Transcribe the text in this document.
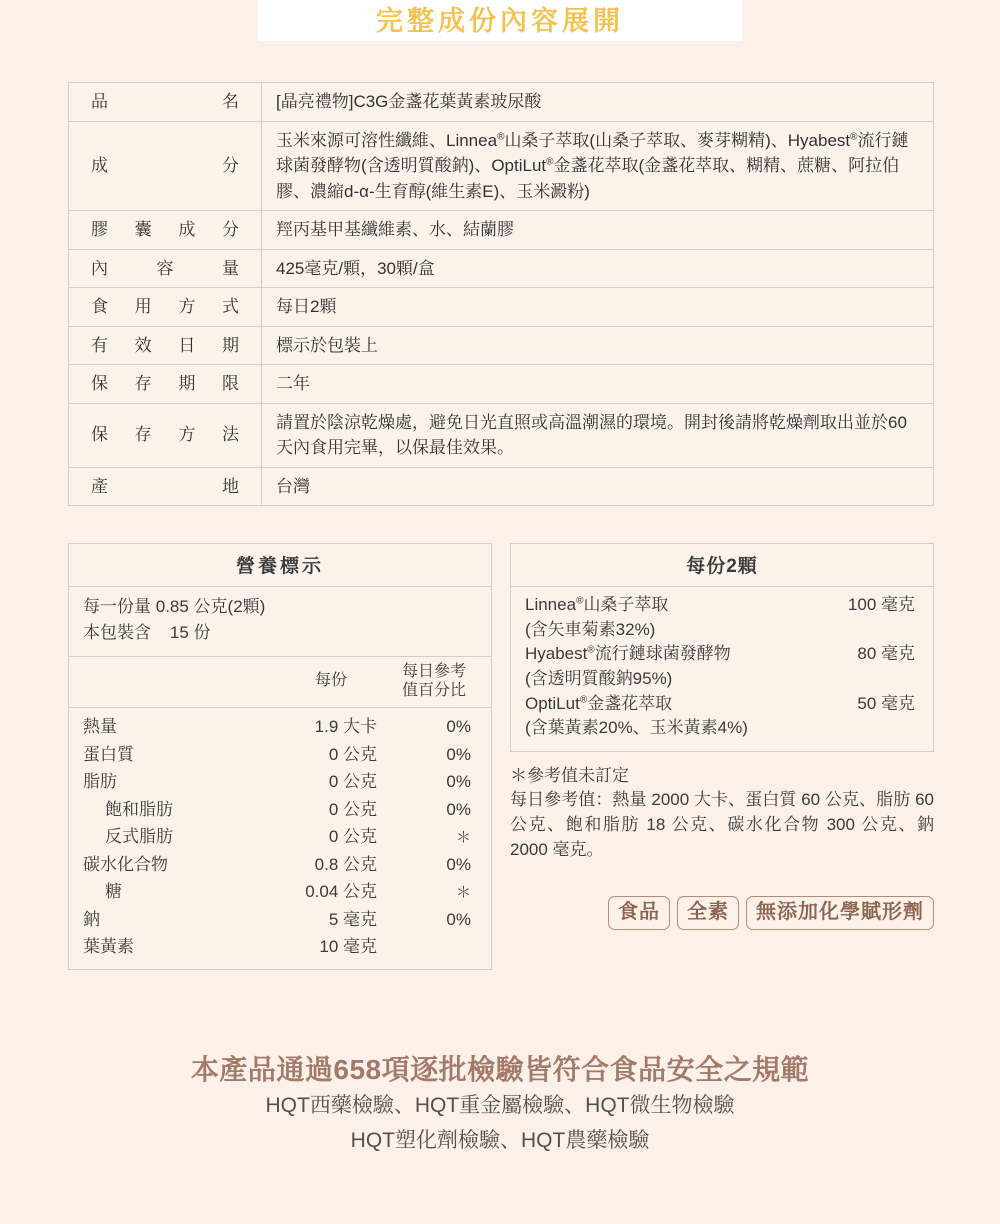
完整成份內容展開
品名	[晶亮禮物]C3G金盞花葉黃素玻尿酸
成分	玉米來源可溶性纖維、Linnea®山桑子萃取(山桑子萃取、麥芽糊精)、Hyabest®流行鏈球菌發酵物(含透明質酸鈉)、OptiLut®金盞花萃取(金盞花萃取、糊精、蔗糖、阿拉伯膠、濃縮d-α-生育醇(維生素E)、玉米澱粉)
膠囊成分	羥丙基甲基纖維素、水、結蘭膠
內容量	425毫克/顆，30顆/盒
食用方式	每日2顆
有效日期	標示於包裝上
保存期限	二年
保存方法	請置於陰涼乾燥處，避免日光直照或高溫潮濕的環境。開封後請將乾燥劑取出並於60天內食用完畢，以保最佳效果。
產地	台灣
營養標示
每一份量 0.85 公克(2顆)
本包裝含 15 份
每份
每日參考
值百分比
熱量	1.9 大卡	0%
蛋白質	0 公克	0%
脂肪	0 公克	0%
飽和脂肪	0 公克	0%
反式脂肪	0 公克	＊
碳水化合物	0.8 公克	0%
糖	0.04 公克	＊
鈉	5 毫克	0%
葉黃素	10 毫克
每份2顆
Linnea®山桑子萃取	100 毫克
(含矢車菊素32%)
Hyabest®流行鏈球菌發酵物	80 毫克
(含透明質酸鈉95%)
OptiLut®金盞花萃取	50 毫克
(含葉黃素20%、玉米黃素4%)
＊參考值未訂定
每日參考值：熱量 2000 大卡、蛋白質 60 公克、脂肪 60 公克、飽和脂肪 18 公克、碳水化合物 300 公克、鈉 2000 毫克。
食品	全素	無添加化學賦形劑
本產品通過658項逐批檢驗皆符合食品安全之規範
HQT西藥檢驗、HQT重金屬檢驗、HQT微生物檢驗
HQT塑化劑檢驗、HQT農藥檢驗
